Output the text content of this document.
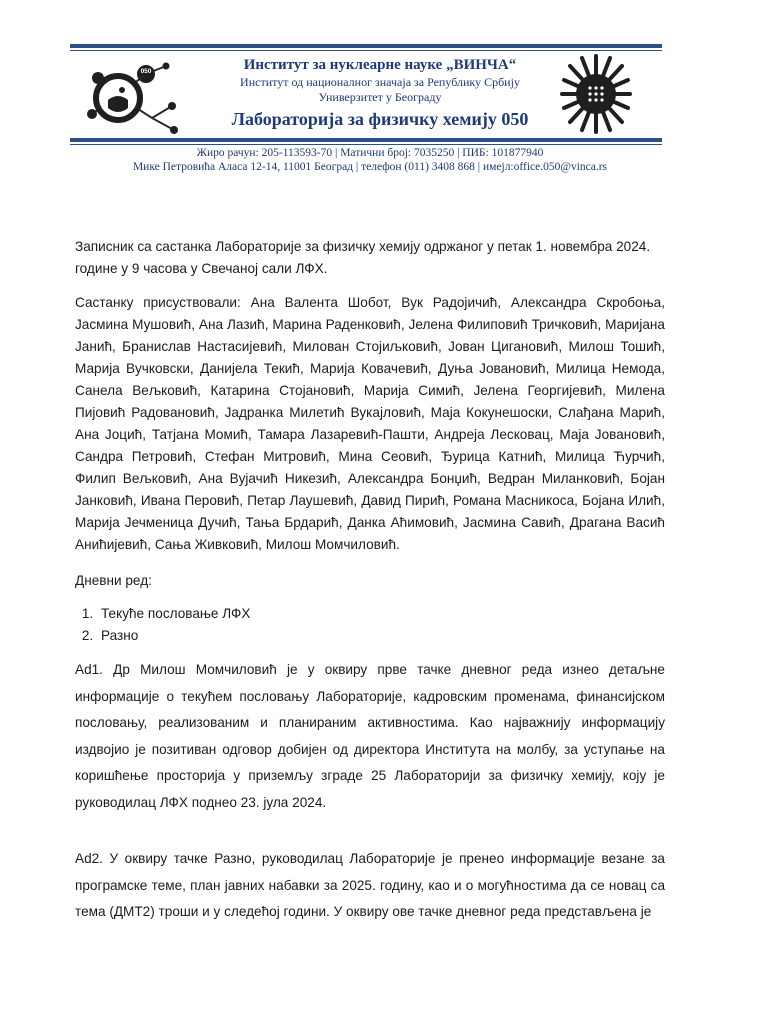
050	Институт за нуклеарне науке „ВИНЧА“
Институт од националног значаја за Републику Србију
Универзитет у Београду
Лабораторија за физичку хемију 050
Жиро рачун: 205-113593-70 | Матични број: 7035250 | ПИБ: 101877940
Мике Петровића Аласа 12-14, 11001 Београд | телефон (011) 3408 868 | имејл:office.050@vinca.rs

Записник са састанка Лабораторије за физичку хемију одржаног у петак 1. новембра 2024. године у 9 часова у Свечаној сали ЛФХ.

Састанку присуствовали: Ана Валента Шобот, Вук Радојичић, Александра Скробоња, Јасмина Мушовић, Ана Лазић, Марина Раденковић, Јелена Филиповић Тричковић, Маријана Јанић, Бранислав Настасијевић, Милован Стојиљковић, Јован Цигановић, Милош Тошић, Марија Вучковски, Данијела Текић, Марија Ковачевић, Дуња Јовановић, Милица Немода, Санела Вељковић, Катарина Стојановић, Марија Симић, Јелена Георгијевић, Милена Пијовић Радовановић, Јадранка Милетић Вукајловић, Маја Кокунешоски, Слађана Марић, Ана Јоцић, Татјана Момић, Тамара Лазаревић-Пашти, Андреја Лесковац, Маја Јовановић, Сандра Петровић, Стефан Митровић, Мина Сеовић, Ђурица Катнић, Милица Ћурчић, Филип Вељковић, Ана Вујачић Никезић, Александра Бонџић, Ведран Миланковић, Бојан Јанковић, Ивана Перовић, Петар Лаушевић, Давид Пирић, Романа Масникоса, Бојана Илић, Марија Јечменица Дучић, Тања Брдарић, Данка Аћимовић, Јасмина Савић, Драгана Васић Анићијевић, Сања Живковић, Милош Момчиловић.

Дневни ред:

1. Текуће пословање ЛФХ
2. Разно

Ad1. Др Милош Момчиловић је у оквиру прве тачке дневног реда изнео детаљне информације о текућем пословању Лабораторије, кадровским променама, финансијском пословању, реализованим и планираним активностима. Као најважнију информацију издвојио је позитиван одговор добијен од директора Института на молбу, за уступање на коришћење просторија у приземљу зграде 25 Лабораторији за физичку хемију, коју је руководилац ЛФХ поднео 23. јула 2024.

Ad2. У оквиру тачке Разно, руководилац Лабораторије је пренео информације везане за програмске теме, план јавних набавки за 2025. годину, као и о могућностима да се новац са тема (ДМТ2) троши и у следећој години. У оквиру ове тачке дневног реда представљена је
